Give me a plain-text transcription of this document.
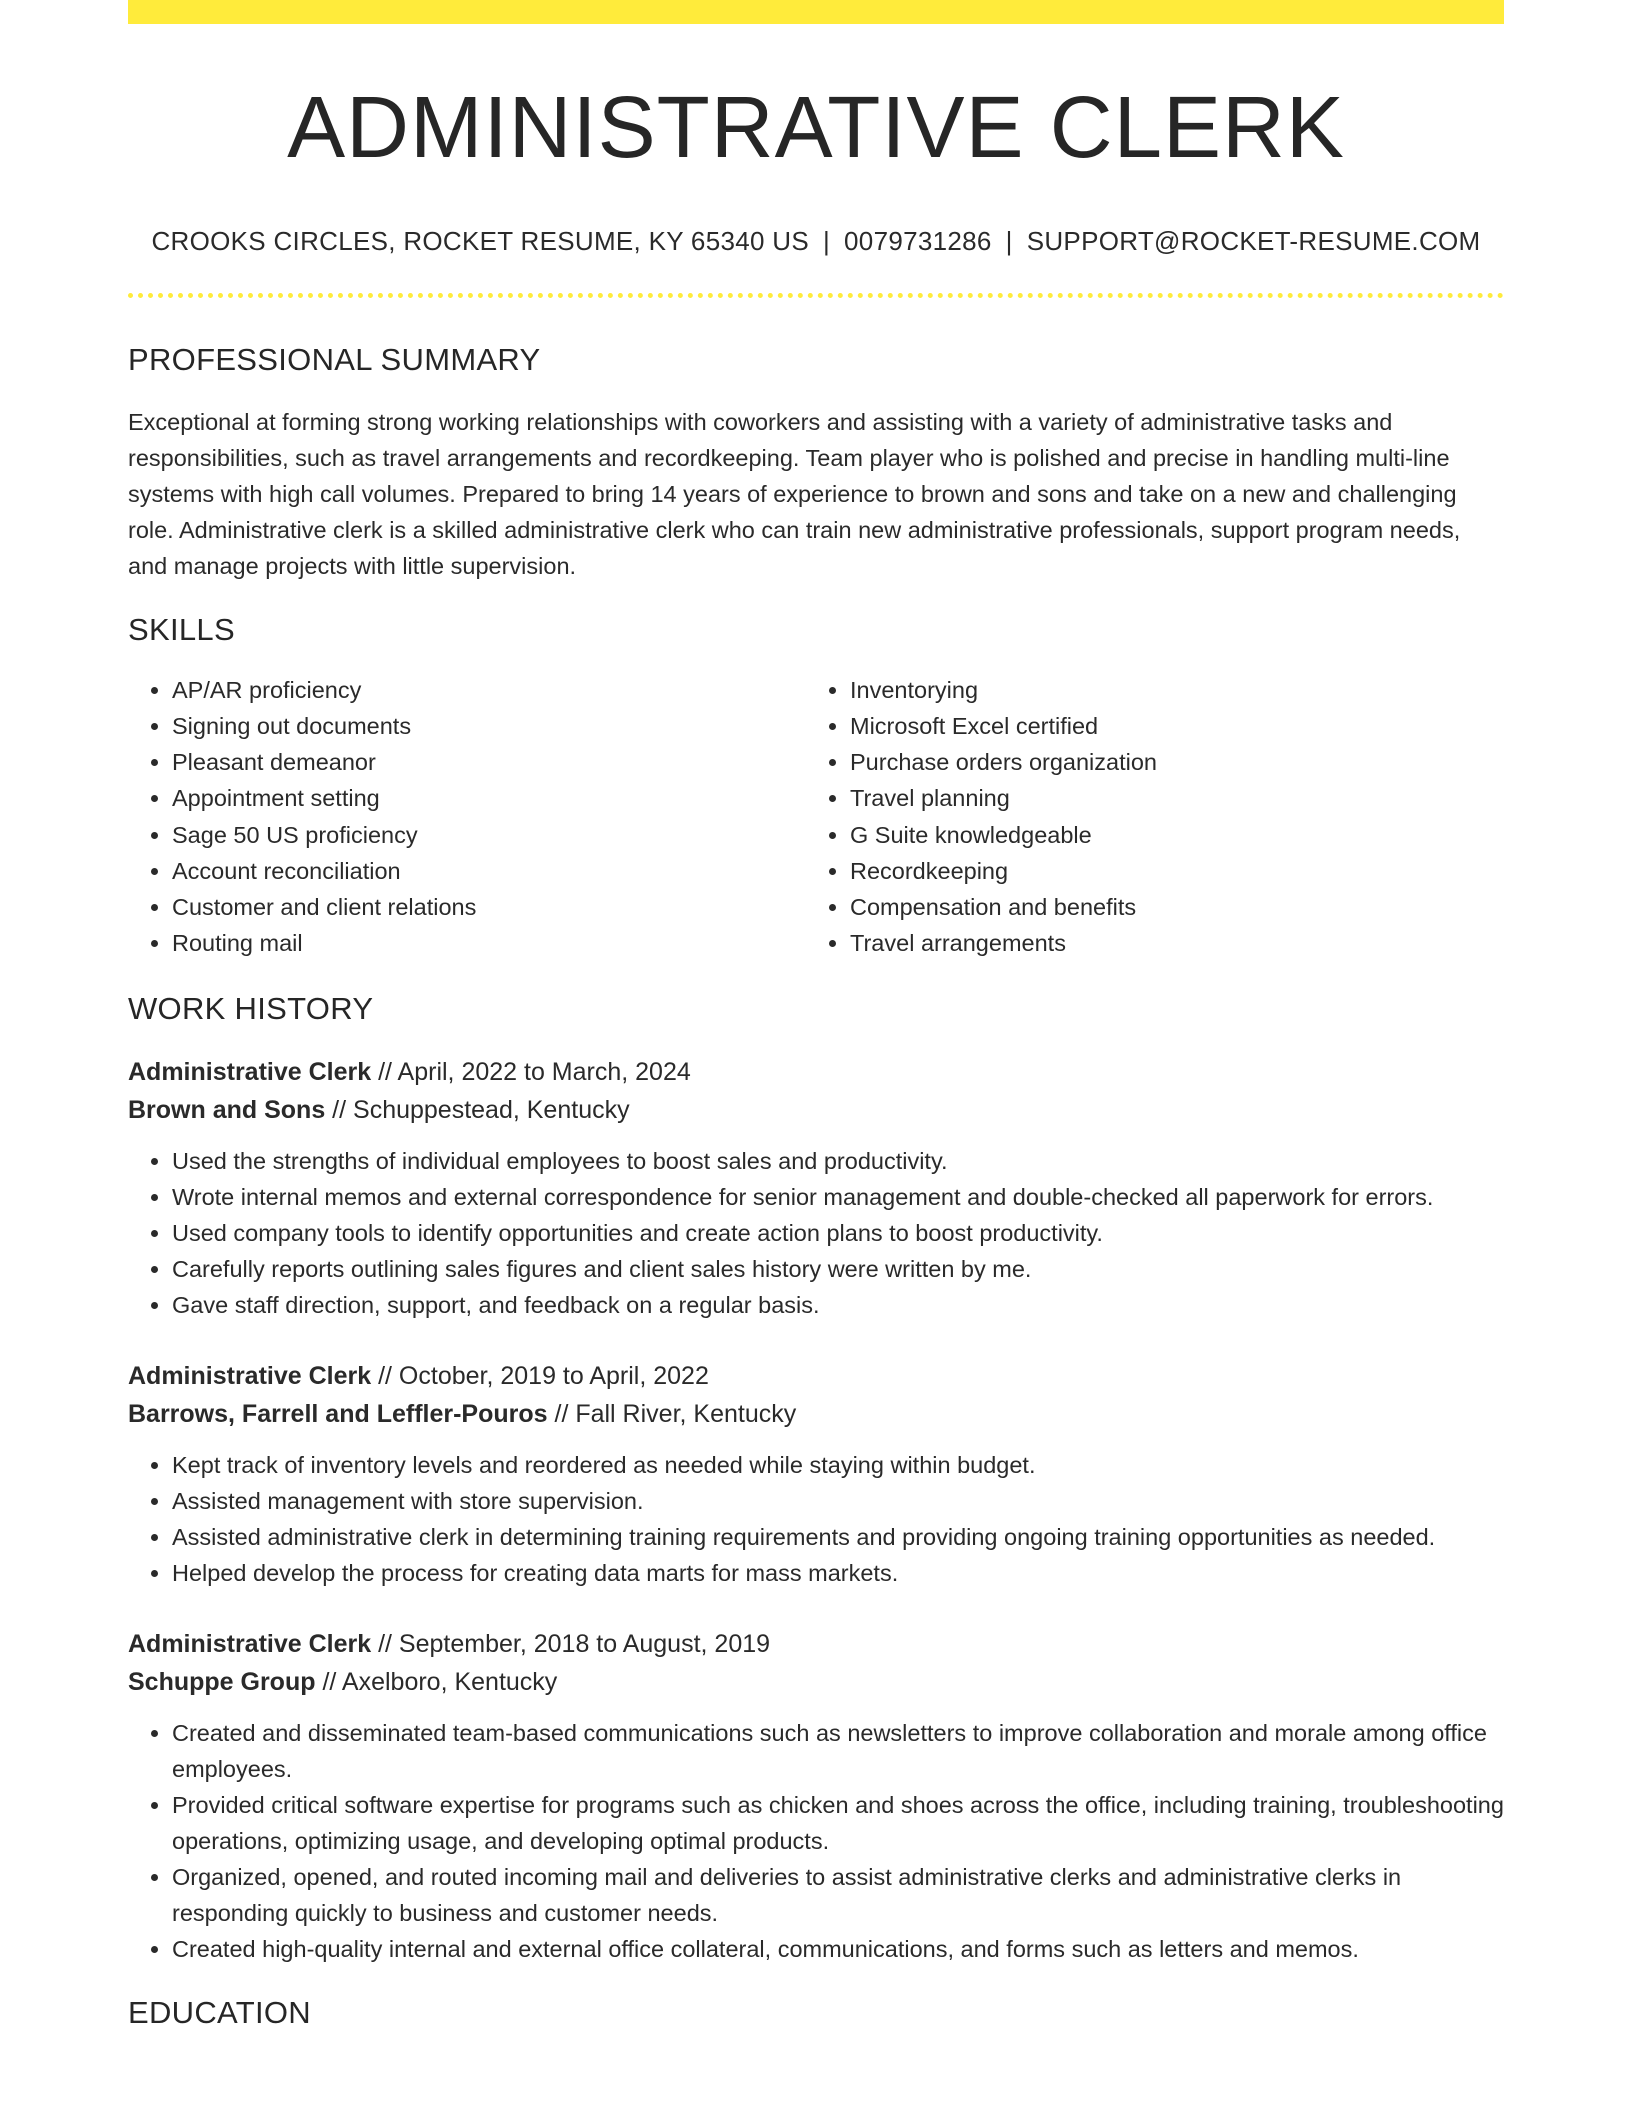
ADMINISTRATIVE CLERK
CROOKS CIRCLES, ROCKET RESUME, KY 65340 US | 0079731286 | SUPPORT@ROCKET-RESUME.COM
PROFESSIONAL SUMMARY
Exceptional at forming strong working relationships with coworkers and assisting with a variety of administrative tasks and responsibilities, such as travel arrangements and recordkeeping. Team player who is polished and precise in handling multi-line systems with high call volumes. Prepared to bring 14 years of experience to brown and sons and take on a new and challenging role. Administrative clerk is a skilled administrative clerk who can train new administrative professionals, support program needs, and manage projects with little supervision.
SKILLS
• AP/AR proficiency
• Signing out documents
• Pleasant demeanor
• Appointment setting
• Sage 50 US proficiency
• Account reconciliation
• Customer and client relations
• Routing mail
• Inventorying
• Microsoft Excel certified
• Purchase orders organization
• Travel planning
• G Suite knowledgeable
• Recordkeeping
• Compensation and benefits
• Travel arrangements
WORK HISTORY
Administrative Clerk // April, 2022 to March, 2024
Brown and Sons // Schuppestead, Kentucky
• Used the strengths of individual employees to boost sales and productivity.
• Wrote internal memos and external correspondence for senior management and double-checked all paperwork for errors.
• Used company tools to identify opportunities and create action plans to boost productivity.
• Carefully reports outlining sales figures and client sales history were written by me.
• Gave staff direction, support, and feedback on a regular basis.
Administrative Clerk // October, 2019 to April, 2022
Barrows, Farrell and Leffler-Pouros // Fall River, Kentucky
• Kept track of inventory levels and reordered as needed while staying within budget.
• Assisted management with store supervision.
• Assisted administrative clerk in determining training requirements and providing ongoing training opportunities as needed.
• Helped develop the process for creating data marts for mass markets.
Administrative Clerk // September, 2018 to August, 2019
Schuppe Group // Axelboro, Kentucky
• Created and disseminated team-based communications such as newsletters to improve collaboration and morale among office employees.
• Provided critical software expertise for programs such as chicken and shoes across the office, including training, troubleshooting operations, optimizing usage, and developing optimal products.
• Organized, opened, and routed incoming mail and deliveries to assist administrative clerks and administrative clerks in responding quickly to business and customer needs.
• Created high-quality internal and external office collateral, communications, and forms such as letters and memos.
EDUCATION
